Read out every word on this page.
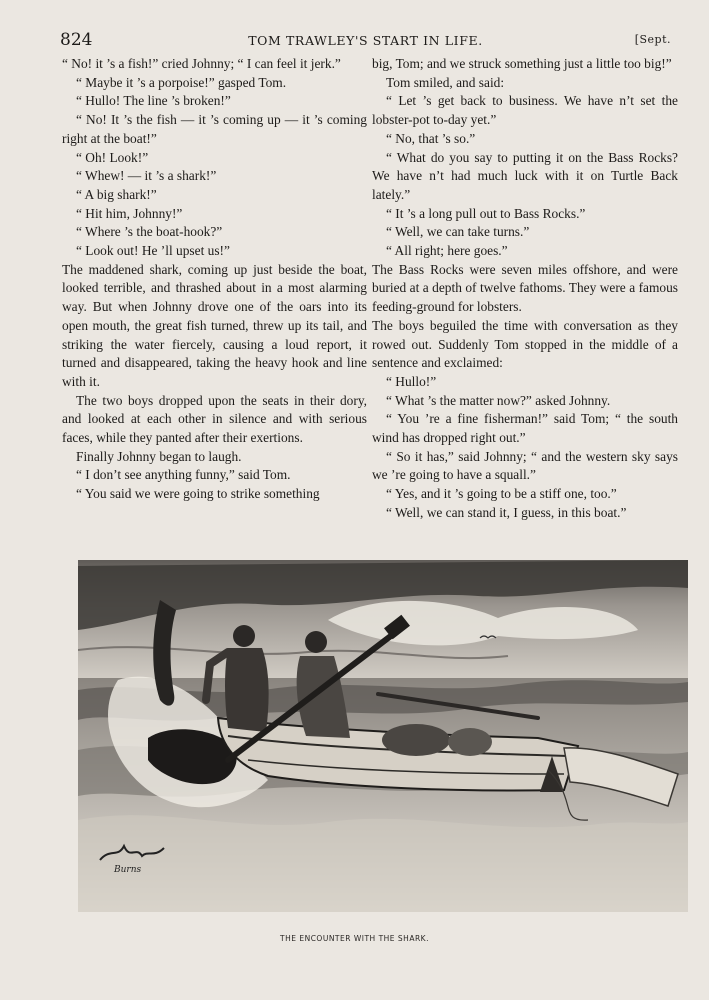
824	TOM TRAWLEY'S START IN LIFE.	[Sept.

“ No! it ’s a fish!” cried Johnny; “ I can feel it jerk.”

“ Maybe it ’s a porpoise!” gasped Tom.

“ Hullo! The line ’s broken!”

“ No! It ’s the fish — it ’s coming up — it ’s coming right at the boat!”

“ Oh! Look!”

“ Whew! — it ’s a shark!”

“ A big shark!”

“ Hit him, Johnny!”

“ Where ’s the boat-hook?”

“ Look out! He ’ll upset us!”

The maddened shark, coming up just beside the boat, looked terrible, and thrashed about in a most alarming way. But when Johnny drove one of the oars into its open mouth, the great fish turned, threw up its tail, and striking the water fiercely, causing a loud report, it turned and disappeared, taking the heavy hook and line with it.

The two boys dropped upon the seats in their dory, and looked at each other in silence and with serious faces, while they panted after their exertions.

Finally Johnny began to laugh.

“ I don’t see anything funny,” said Tom.

“ You said we were going to strike something

big, Tom; and we struck something just a little too big!”

Tom smiled, and said:

“ Let ’s get back to business. We have n’t set the lobster-pot to-day yet.”

“ No, that ’s so.”

“ What do you say to putting it on the Bass Rocks? We have n’t had much luck with it on Turtle Back lately.”

“ It ’s a long pull out to Bass Rocks.”

“ Well, we can take turns.”

“ All right; here goes.”

The Bass Rocks were seven miles offshore, and were buried at a depth of twelve fathoms. They were a famous feeding-ground for lobsters.

The boys beguiled the time with conversation as they rowed out. Suddenly Tom stopped in the middle of a sentence and exclaimed:

“ Hullo!”

“ What ’s the matter now?” asked Johnny.

“ You ’re a fine fisherman!” said Tom; “ the south wind has dropped right out.”

“ So it has,” said Johnny; “ and the western sky says we ’re going to have a squall.”

“ Yes, and it ’s going to be a stiff one, too.”

“ Well, we can stand it, I guess, in this boat.”

Burns
THE ENCOUNTER WITH THE SHARK.
